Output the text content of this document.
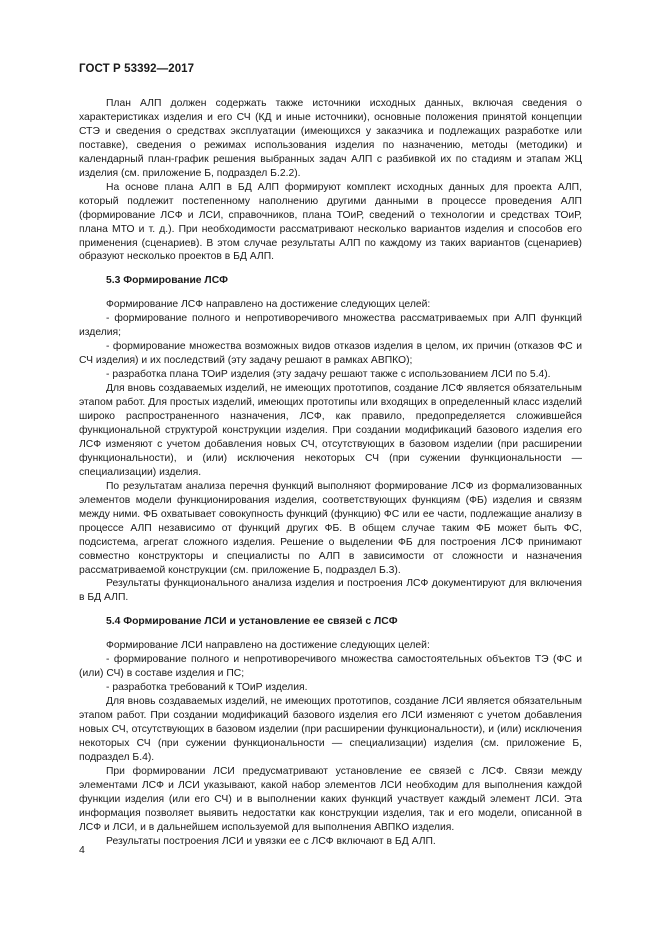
ГОСТ Р 53392—2017

План АЛП должен содержать также источники исходных данных, включая сведения о характеристиках изделия и его СЧ (КД и иные источники), основные положения принятой концепции СТЭ и сведения о средствах эксплуатации (имеющихся у заказчика и подлежащих разработке или поставке), сведения о режимах использования изделия по назначению, методы (методики) и календарный план-график решения выбранных задач АЛП с разбивкой их по стадиям и этапам ЖЦ изделия (см. приложение Б, подраздел Б.2.2).

На основе плана АЛП в БД АЛП формируют комплект исходных данных для проекта АЛП, который подлежит постепенному наполнению другими данными в процессе проведения АЛП (формирование ЛСФ и ЛСИ, справочников, плана ТОиР, сведений о технологии и средствах ТОиР, плана МТО и т. д.). При необходимости рассматривают несколько вариантов изделия и способов его применения (сценариев). В этом случае результаты АЛП по каждому из таких вариантов (сценариев) образуют несколько проектов в БД АЛП.

5.3 Формирование ЛСФ

Формирование ЛСФ направлено на достижение следующих целей:

- формирование полного и непротиворечивого множества рассматриваемых при АЛП функций изделия;

- формирование множества возможных видов отказов изделия в целом, их причин (отказов ФС и СЧ изделия) и их последствий (эту задачу решают в рамках АВПКО);

- разработка плана ТОиР изделия (эту задачу решают также с использованием ЛСИ по 5.4).

Для вновь создаваемых изделий, не имеющих прототипов, создание ЛСФ является обязательным этапом работ. Для простых изделий, имеющих прототипы или входящих в определенный класс изделий широко распространенного назначения, ЛСФ, как правило, предопределяется сложившейся функциональной структурой конструкции изделия. При создании модификаций базового изделия его ЛСФ изменяют с учетом добавления новых СЧ, отсутствующих в базовом изделии (при расширении функциональности), и (или) исключения некоторых СЧ (при сужении функциональности — специализации) изделия.

По результатам анализа перечня функций выполняют формирование ЛСФ из формализованных элементов модели функционирования изделия, соответствующих функциям (ФБ) изделия и связям между ними. ФБ охватывает совокупность функций (функцию) ФС или ее части, подлежащие анализу в процессе АЛП независимо от функций других ФБ. В общем случае таким ФБ может быть ФС, подсистема, агрегат сложного изделия. Решение о выделении ФБ для построения ЛСФ принимают совместно конструкторы и специалисты по АЛП в зависимости от сложности и назначения рассматриваемой конструкции (см. приложение Б, подраздел Б.3).

Результаты функционального анализа изделия и построения ЛСФ документируют для включения в БД АЛП.

5.4 Формирование ЛСИ и установление ее связей с ЛСФ

Формирование ЛСИ направлено на достижение следующих целей:

- формирование полного и непротиворечивого множества самостоятельных объектов ТЭ (ФС и (или) СЧ) в составе изделия и ПС;

- разработка требований к ТОиР изделия.

Для вновь создаваемых изделий, не имеющих прототипов, создание ЛСИ является обязательным этапом работ. При создании модификаций базового изделия его ЛСИ изменяют с учетом добавления новых СЧ, отсутствующих в базовом изделии (при расширении функциональности), и (или) исключения некоторых СЧ (при сужении функциональности — специализации) изделия (см. приложение Б, подраздел Б.4).

При формировании ЛСИ предусматривают установление ее связей с ЛСФ. Связи между элементами ЛСФ и ЛСИ указывают, какой набор элементов ЛСИ необходим для выполнения каждой функции изделия (или его СЧ) и в выполнении каких функций участвует каждый элемент ЛСИ. Эта информация позволяет выявить недостатки как конструкции изделия, так и его модели, описанной в ЛСФ и ЛСИ, и в дальнейшем используемой для выполнения АВПКО изделия.

Результаты построения ЛСИ и увязки ее с ЛСФ включают в БД АЛП.

4
